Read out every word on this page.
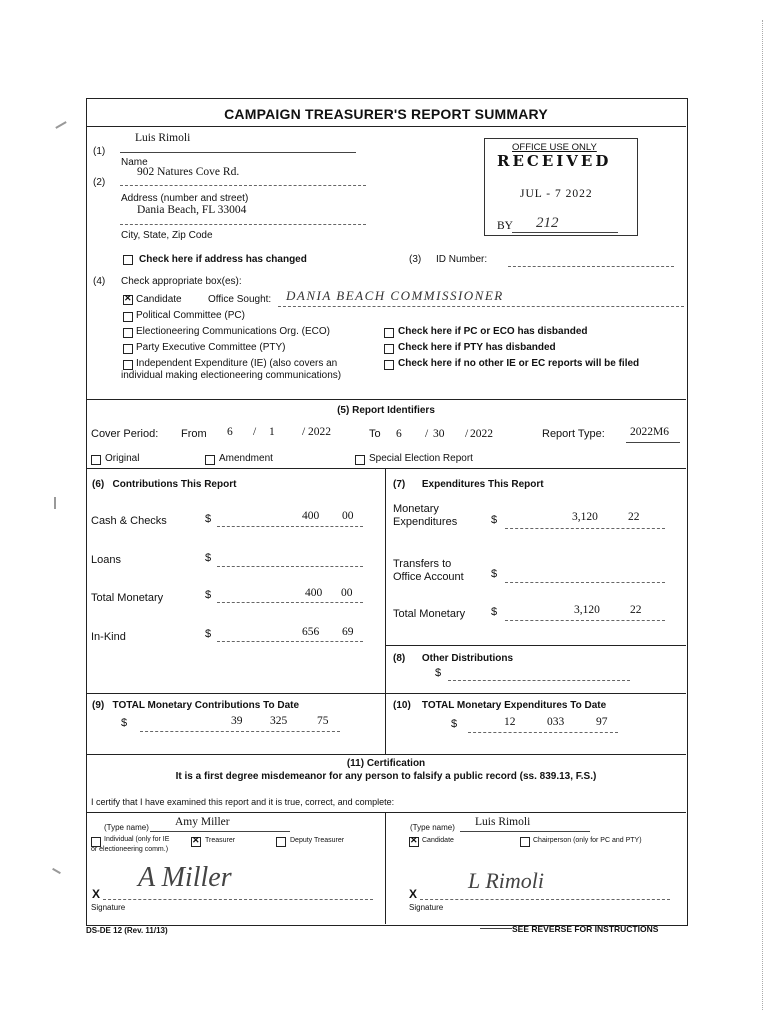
CAMPAIGN TREASURER'S REPORT SUMMARY
(1)
Luis Rimoli
Name
902 Natures Cove Rd.
(2)
Address (number and street)
Dania Beach, FL 33004
City, State, Zip Code
Check here if address has changed	(3) ID Number:
OFFICE USE ONLY
RECEIVED
JUL - 7 2022
BY 212
(4) Check appropriate box(es):
✕
Candidate	Office Sought: DANIA BEACH COMMISSIONER
Political Committee (PC)
Electioneering Communications Org. (ECO)
Party Executive Committee (PTY)
Independent Expenditure (IE) (also covers an
individual making electioneering communications)
Check here if PC or ECO has disbanded
Check here if PTY has disbanded
Check here if no other IE or EC reports will be filed
(5) Report Identifiers
Cover Period: From 6 / 1 / 2022	To 6 / 30 / 2022	Report Type: 2022M6
Original	Amendment	Special Election Report
(6)   Contributions This Report
Cash & Checks	$	400 00
Loans	$
Total Monetary	$	400 00
In-Kind	$	656 69
(7)      Expenditures This Report
Monetary
Expenditures	$	3,120	22
Transfers to
Office Account $
Total Monetary $	3,120	22
(8)      Other Distributions
$
(9)   TOTAL Monetary Contributions To Date
$	39 325	75
(10)    TOTAL Monetary Expenditures To Date
$	12	033	97
(11) Certification
It is a first degree misdemeanor for any person to falsify a public record (ss. 839.13, F.S.)
I certify that I have examined this report and it is true, correct, and complete:
(Type name) Amy Miller
Individual (only for IE
or electioneering comm.)
✕
Treasurer	Deputy Treasurer
X
A Miller
Signature
(Type name) Luis Rimoli
✕
Candidate	Chairperson (only for PC and PTY)
X
L Rimoli
Signature
DS-DE 12 (Rev. 11/13)	SEE REVERSE FOR INSTRUCTIONS
